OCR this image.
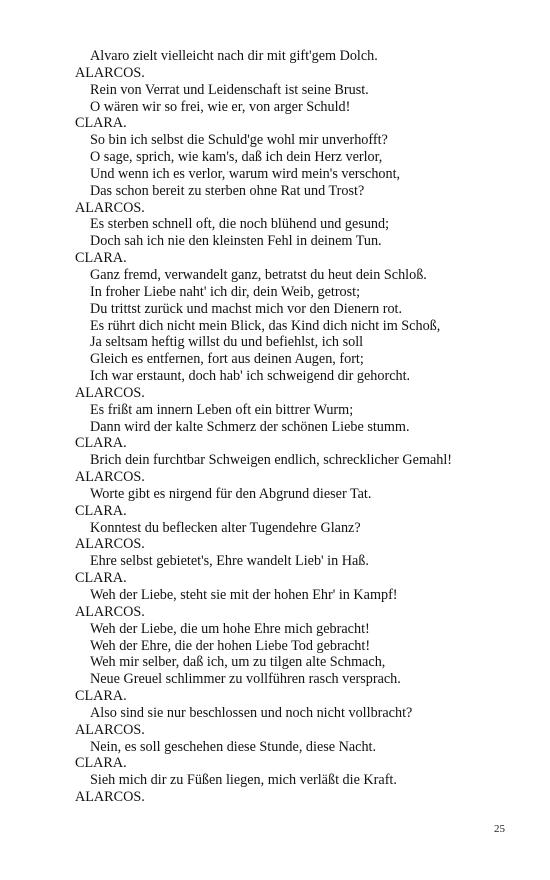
Alvaro zielt vielleicht nach dir mit gift'gem Dolch.
ALARCOS.
Rein von Verrat und Leidenschaft ist seine Brust.
O wären wir so frei, wie er, von arger Schuld!
CLARA.
So bin ich selbst die Schuld'ge wohl mir unverhofft?
O sage, sprich, wie kam's, daß ich dein Herz verlor,
Und wenn ich es verlor, warum wird mein's verschont,
Das schon bereit zu sterben ohne Rat und Trost?
ALARCOS.
Es sterben schnell oft, die noch blühend und gesund;
Doch sah ich nie den kleinsten Fehl in deinem Tun.
CLARA.
Ganz fremd, verwandelt ganz, betratst du heut dein Schloß.
In froher Liebe naht' ich dir, dein Weib, getrost;
Du trittst zurück und machst mich vor den Dienern rot.
Es rührt dich nicht mein Blick, das Kind dich nicht im Schoß,
Ja seltsam heftig willst du und befiehlst, ich soll
Gleich es entfernen, fort aus deinen Augen, fort;
Ich war erstaunt, doch hab' ich schweigend dir gehorcht.
ALARCOS.
Es frißt am innern Leben oft ein bittrer Wurm;
Dann wird der kalte Schmerz der schönen Liebe stumm.
CLARA.
Brich dein furchtbar Schweigen endlich, schrecklicher Gemahl!
ALARCOS.
Worte gibt es nirgend für den Abgrund dieser Tat.
CLARA.
Konntest du beflecken alter Tugendehre Glanz?
ALARCOS.
Ehre selbst gebietet's, Ehre wandelt Lieb' in Haß.
CLARA.
Weh der Liebe, steht sie mit der hohen Ehr' in Kampf!
ALARCOS.
Weh der Liebe, die um hohe Ehre mich gebracht!
Weh der Ehre, die der hohen Liebe Tod gebracht!
Weh mir selber, daß ich, um zu tilgen alte Schmach,
Neue Greuel schlimmer zu vollführen rasch versprach.
CLARA.
Also sind sie nur beschlossen und noch nicht vollbracht?
ALARCOS.
Nein, es soll geschehen diese Stunde, diese Nacht.
CLARA.
Sieh mich dir zu Füßen liegen, mich verläßt die Kraft.
ALARCOS.
25
